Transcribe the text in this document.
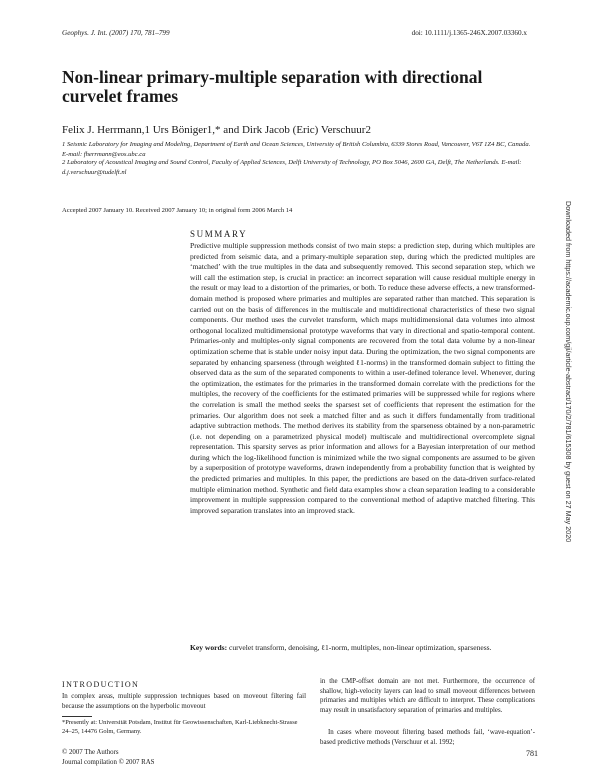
Geophys. J. Int. (2007) 170, 781–799	doi: 10.1111/j.1365-246X.2007.03360.x
Non-linear primary-multiple separation with directional curvelet frames
Felix J. Herrmann,1 Urs Böniger1,* and Dirk Jacob (Eric) Verschuur2
1 Seismic Laboratory for Imaging and Modeling, Department of Earth and Ocean Sciences, University of British Columbia, 6339 Stores Road, Vancouver, V6T 1Z4 BC, Canada. E-mail: fherrmann@eos.ubc.ca
2 Laboratory of Acoustical Imaging and Sound Control, Faculty of Applied Sciences, Delft University of Technology, PO Box 5046, 2600 GA, Delft, The Netherlands. E-mail: d.j.verschuur@tudelft.nl
Accepted 2007 January 10. Received 2007 January 10; in original form 2006 March 14
SUMMARY

Predictive multiple suppression methods consist of two main steps: a prediction step, during which multiples are predicted from seismic data, and a primary-multiple separation step, during which the predicted multiples are ‘matched’ with the true multiples in the data and subsequently removed. This second separation step, which we will call the estimation step, is crucial in practice: an incorrect separation will cause residual multiple energy in the result or may lead to a distortion of the primaries, or both. To reduce these adverse effects, a new transformed-domain method is proposed where primaries and multiples are separated rather than matched. This separation is carried out on the basis of differences in the multiscale and multidirectional characteristics of these two signal components. Our method uses the curvelet transform, which maps multidimensional data volumes into almost orthogonal localized multidimensional prototype waveforms that vary in directional and spatio-temporal content. Primaries-only and multiples-only signal components are recovered from the total data volume by a non-linear optimization scheme that is stable under noisy input data. During the optimization, the two signal components are separated by enhancing sparseness (through weighted ℓ1-norms) in the transformed domain subject to fitting the observed data as the sum of the separated components to within a user-defined tolerance level. Whenever, during the optimization, the estimates for the primaries in the transformed domain correlate with the predictions for the multiples, the recovery of the coefficients for the estimated primaries will be suppressed while for regions where the correlation is small the method seeks the sparsest set of coefficients that represent the estimation for the primaries. Our algorithm does not seek a matched filter and as such it differs fundamentally from traditional adaptive subtraction methods. The method derives its stability from the sparseness obtained by a non-parametric (i.e. not depending on a parametrized physical model) multiscale and multidirectional overcomplete signal representation. This sparsity serves as prior information and allows for a Bayesian interpretation of our method during which the log-likelihood function is minimized while the two signal components are assumed to be given by a superposition of prototype waveforms, drawn independently from a probability function that is weighted by the predicted primaries and multiples. In this paper, the predictions are based on the data-driven surface-related multiple elimination method. Synthetic and field data examples show a clean separation leading to a considerable improvement in multiple suppression compared to the conventional method of adaptive matched filtering. This improved separation translates into an improved stack.

Key words: curvelet transform, denoising, ℓ1-norm, multiples, non-linear optimization, sparseness.

INTRODUCTION

In complex areas, multiple suppression techniques based on moveout filtering fail because the assumptions on the hyperbolic moveout

*Presently at: Universität Potsdam, Institut für Geowissenschaften, Karl-Liebknecht-Strasse 24–25, 14476 Golm, Germany.

in the CMP-offset domain are not met. Furthermore, the occurrence of shallow, high-velocity layers can lead to small moveout differences between primaries and multiples which are difficult to interpret. These complications may result in unsatisfactory separation of primaries and multiples.

In cases where moveout filtering based methods fail, ‘wave-equation’-based predictive methods (Verschuur et al. 1992;

© 2007 The Authors
Journal compilation © 2007 RAS
781
Downloaded from https://academic.oup.com/gji/article-abstract/170/2/781/615308 by guest on 27 May 2020
